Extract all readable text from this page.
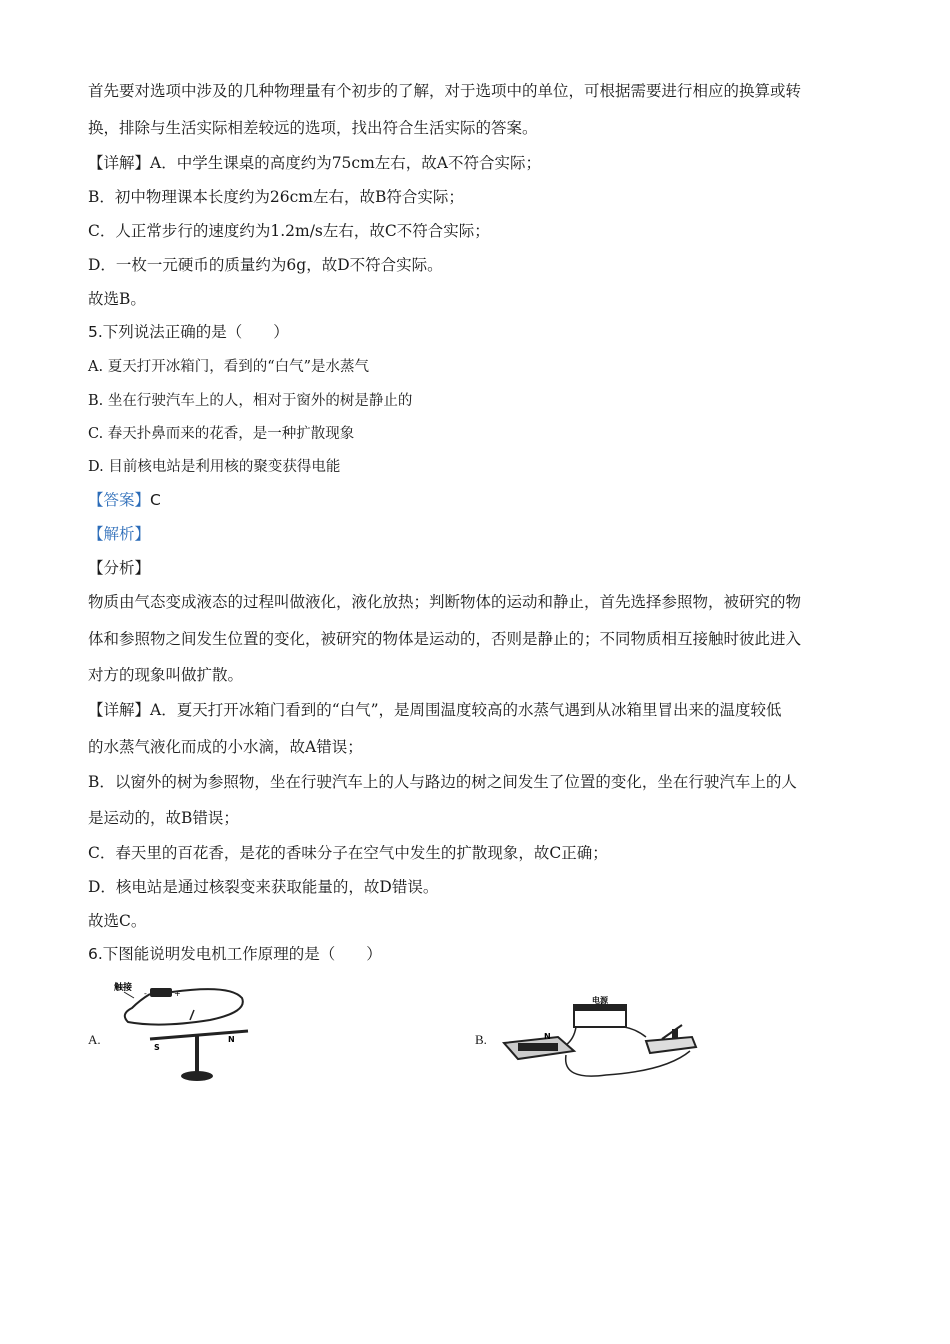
首先要对选项中涉及的几种物理量有个初步的了解，对于选项中的单位，可根据需要进行相应的换算或转
换，排除与生活实际相差较远的选项，找出符合生活实际的答案。
【详解】A．中学生课桌的高度约为75cm左右，故A不符合实际；
B．初中物理课本长度约为26cm左右，故B符合实际；
C．人正常步行的速度约为1.2m/s左右，故C不符合实际；
D．一枚一元硬币的质量约为6g，故D不符合实际。
故选B。
5.下列说法正确的是（　　）
A. 夏天打开冰箱门，看到的“白气”是水蒸气
B. 坐在行驶汽车上的人，相对于窗外的树是静止的
C. 春天扑鼻而来的花香，是一种扩散现象
D. 目前核电站是利用核的聚变获得电能
【答案】C
【解析】
【分析】
物质由气态变成液态的过程叫做液化，液化放热；判断物体的运动和静止，首先选择参照物，被研究的物
体和参照物之间发生位置的变化，被研究的物体是运动的，否则是静止的；不同物质相互接触时彼此进入
对方的现象叫做扩散。
【详解】A．夏天打开冰箱门看到的“白气”，是周围温度较高的水蒸气遇到从冰箱里冒出来的温度较低
的水蒸气液化而成的小水滴，故A错误；
B．以窗外的树为参照物，坐在行驶汽车上的人与路边的树之间发生了位置的变化，坐在行驶汽车上的人
是运动的，故B错误；
C．春天里的百花香，是花的香味分子在空气中发生的扩散现象，故C正确；
D．核电站是通过核裂变来获取能量的，故D错误。
故选C。
6.下图能说明发电机工作原理的是（　　）
A.
触接
-	+
S
N	B.
电源
N
